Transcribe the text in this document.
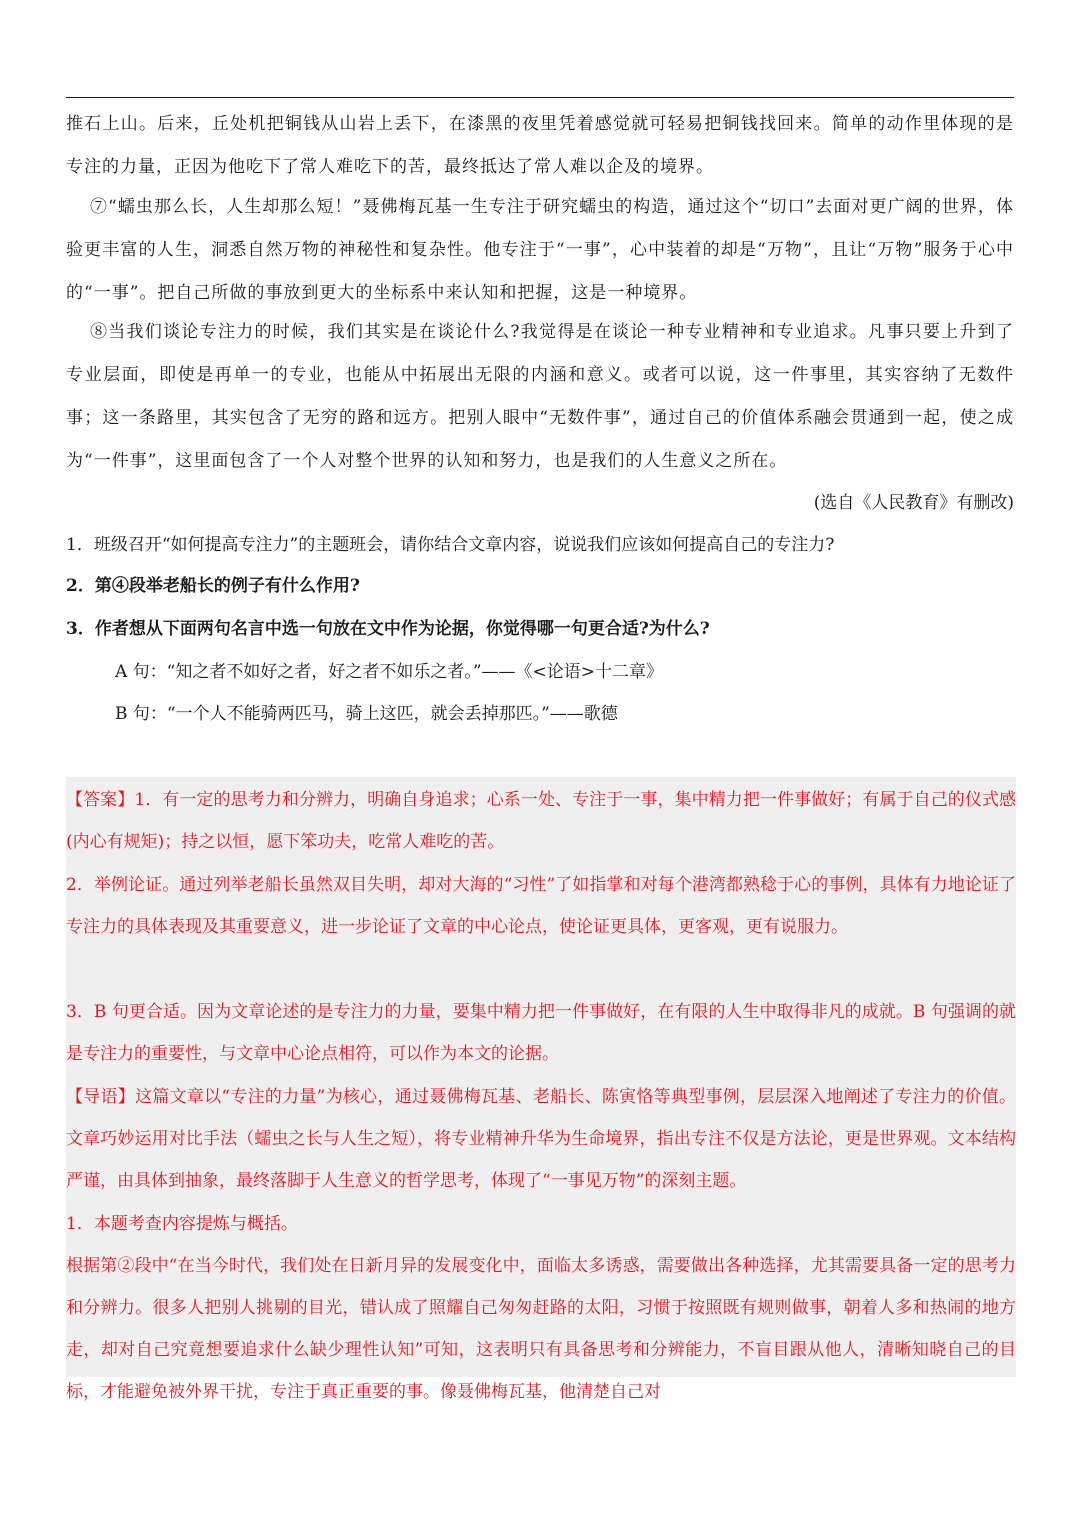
推石上山。后来，丘处机把铜钱从山岩上丢下，在漆黑的夜里凭着感觉就可轻易把铜钱找回来。简单的动作里体现的是专注的力量，正因为他吃下了常人难吃下的苦，最终抵达了常人难以企及的境界。

⑦“蠕虫那么长，人生却那么短！”聂佛梅瓦基一生专注于研究蠕虫的构造，通过这个“切口”去面对更广阔的世界，体验更丰富的人生，洞悉自然万物的神秘性和复杂性。他专注于“一事”，心中装着的却是“万物”，且让“万物”服务于心中的“一事”。把自己所做的事放到更大的坐标系中来认知和把握，这是一种境界。

⑧当我们谈论专注力的时候，我们其实是在谈论什么?我觉得是在谈论一种专业精神和专业追求。凡事只要上升到了专业层面，即使是再单一的专业，也能从中拓展出无限的内涵和意义。或者可以说，这一件事里，其实容纳了无数件事；这一条路里，其实包含了无穷的路和远方。把别人眼中“无数件事”，通过自己的价值体系融会贯通到一起，使之成为“一件事”，这里面包含了一个人对整个世界的认知和努力，也是我们的人生意义之所在。

(选自《人民教育》有删改)

1．班级召开“如何提高专注力”的主题班会，请你结合文章内容，说说我们应该如何提高自己的专注力?

2．第④段举老船长的例子有什么作用?

3．作者想从下面两句名言中选一句放在文中作为论据，你觉得哪一句更合适?为什么?

A 句：“知之者不如好之者，好之者不如乐之者。”——《<论语>十二章》

B 句：“一个人不能骑两匹马，骑上这匹，就会丢掉那匹。”——歌德

【答案】1．有一定的思考力和分辨力，明确自身追求；心系一处、专注于一事，集中精力把一件事做好；有属于自己的仪式感(内心有规矩)；持之以恒，愿下笨功夫，吃常人难吃的苦。

2．举例论证。通过列举老船长虽然双目失明，却对大海的“习性”了如指掌和对每个港湾都熟稔于心的事例，具体有力地论证了专注力的具体表现及其重要意义，进一步论证了文章的中心论点，使论证更具体，更客观，更有说服力。

3．B 句更合适。因为文章论述的是专注力的力量，要集中精力把一件事做好，在有限的人生中取得非凡的成就。B 句强调的就是专注力的重要性，与文章中心论点相符，可以作为本文的论据。

【导语】这篇文章以“专注的力量”为核心，通过聂佛梅瓦基、老船长、陈寅恪等典型事例，层层深入地阐述了专注力的价值。文章巧妙运用对比手法（蠕虫之长与人生之短），将专业精神升华为生命境界，指出专注不仅是方法论，更是世界观。文本结构严谨，由具体到抽象，最终落脚于人生意义的哲学思考，体现了“一事见万物”的深刻主题。

1．本题考查内容提炼与概括。

根据第②段中“在当今时代，我们处在日新月异的发展变化中，面临太多诱惑，需要做出各种选择，尤其需要具备一定的思考力和分辨力。很多人把别人挑剔的目光，错认成了照耀自己匆匆赶路的太阳，习惯于按照既有规则做事，朝着人多和热闹的地方走，却对自己究竟想要追求什么缺少理性认知”可知，这表明只有具备思考和分辨能力，不盲目跟从他人，清晰知晓自己的目标，才能避免被外界干扰，专注于真正重要的事。像聂佛梅瓦基，他清楚自己对
